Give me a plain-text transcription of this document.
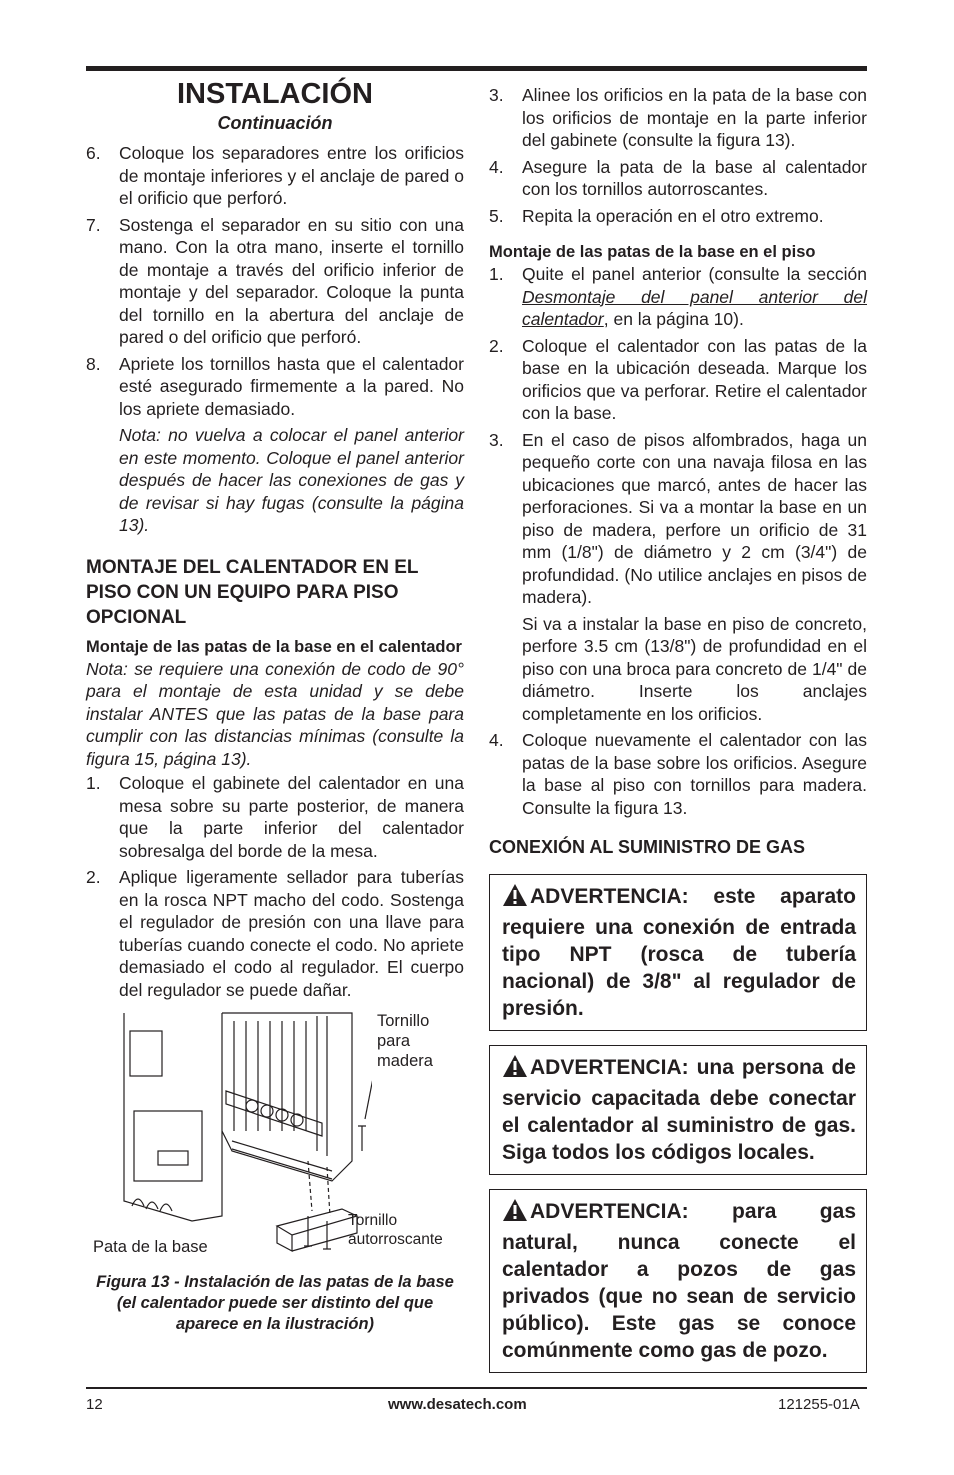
INSTALACIÓN
Continuación
6. Coloque los separadores entre los orificios de montaje inferiores y el anclaje de pared o el orificio que perforó.
7. Sostenga el separador en su sitio con una mano. Con la otra mano, inserte el tornillo de montaje a través del orificio inferior de montaje y del separador. Coloque la punta del tornillo en la abertura del anclaje de pared o del orificio que perforó.
8. Apriete los tornillos hasta que el calentador esté asegurado firmemente a la pared. No los apriete demasiado.
Nota: no vuelva a colocar el panel anterior en este momento. Coloque el panel anterior después de hacer las conexiones de gas y de revisar si hay fugas (consulte la página 13).
MONTAJE DEL CALENTADOR EN EL PISO CON UN EQUIPO PARA PISO OPCIONAL
Montaje de las patas de la base en el calentador

Nota: se requiere una conexión de codo de 90° para el montaje de esta unidad y se debe instalar ANTES que las patas de la base para cumplir con las distancias mínimas (consulte la figura 15, página 13).

1. Coloque el gabinete del calentador en una mesa sobre su parte posterior, de manera que la parte inferior del calentador sobresalga del borde de la mesa.
2. Aplique ligeramente sellador para tuberías en la rosca NPT macho del codo. Sostenga el regulador de presión con una llave para tuberías cuando conecte el codo. No apriete demasiado el codo al regulador. El cuerpo del regulador se puede dañar.
Tornillo para madera
Tornillo autorroscante
Pata de la base
Figura 13 - Instalación de las patas de la base (el calentador puede ser distinto del que aparece en la ilustración)
3. Alinee los orificios en la pata de la base con los orificios de montaje en la parte inferior del gabinete (consulte la figura 13).
4. Asegure la pata de la base al calentador con los tornillos autorroscantes.
5. Repita la operación en el otro extremo.
Montaje de las patas de la base en el piso
1. Quite el panel anterior (consulte la sección Desmontaje del panel anterior del calentador, en la página 10).
2. Coloque el calentador con las patas de la base en la ubicación deseada. Marque los orificios que va perforar. Retire el calentador con la base.
3. En el caso de pisos alfombrados, haga un pequeño corte con una navaja filosa en las ubicaciones que marcó, antes de hacer las perforaciones. Si va a montar la base en un piso de madera, perfore un orificio de 31 mm (1/8") de diámetro y 2 cm (3/4") de profundidad. (No utilice anclajes en pisos de madera).
Si va a instalar la base en piso de concreto, perfore 3.5 cm (13/8") de profundidad en el piso con una broca para concreto de 1/4" de diámetro. Inserte los anclajes completamente en los orificios.
4. Coloque nuevamente el calentador con las patas de la base sobre los orificios. Asegure la base al piso con tornillos para madera. Consulte la figura 13.
CONEXIÓN AL SUMINISTRO DE GAS
ADVERTENCIA: este aparato requiere una conexión de entrada tipo NPT (rosca de tubería nacional) de 3/8" al regulador de presión.
ADVERTENCIA: una persona de servicio capacitada debe conectar el calentador al suministro de gas. Siga todos los códigos locales.
ADVERTENCIA: para gas natural, nunca conecte el calentador a pozos de gas privados (que no sean de servicio público). Este gas se conoce comúnmente como gas de pozo.
12	www.desatech.com	121255-01A
